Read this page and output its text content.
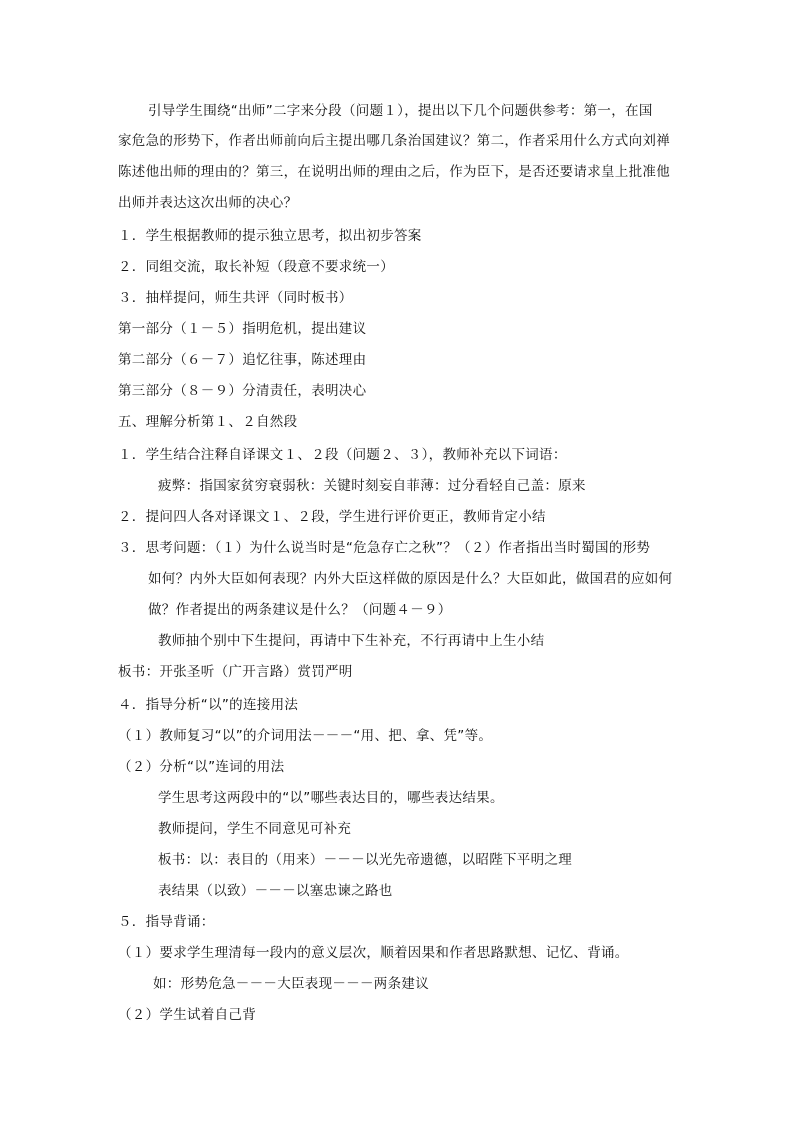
引导学生围绕“出师”二字来分段（问题１），提出以下几个问题供参考：第一，在国
家危急的形势下，作者出师前向后主提出哪几条治国建议？第二，作者采用什么方式向刘禅
陈述他出师的理由的？第三，在说明出师的理由之后，作为臣下，是否还要请求皇上批准他
出师并表达这次出师的决心？
１．学生根据教师的提示独立思考，拟出初步答案
２．同组交流，取长补短（段意不要求统一）
３．抽样提问，师生共评（同时板书）
第一部分（１－５）指明危机，提出建议
第二部分（６－７）追忆往事，陈述理由
第三部分（８－９）分清责任，表明决心
五、理解分析第１、２自然段
１．学生结合注释自译课文１、２段（问题２、３），教师补充以下词语：
疲弊：指国家贫穷衰弱秋：关键时刻妄自菲薄：过分看轻自己盖：原来
２．提问四人各对译课文１、２段，学生进行评价更正，教师肯定小结
３．思考问题：（１）为什么说当时是“危急存亡之秋”？（２）作者指出当时蜀国的形势
如何？内外大臣如何表现？内外大臣这样做的原因是什么？大臣如此，做国君的应如何
做？作者提出的两条建议是什么？（问题４－９）
教师抽个别中下生提问，再请中下生补充，不行再请中上生小结
板书：开张圣听（广开言路）赏罚严明
４．指导分析“以”的连接用法
（１）教师复习“以”的介词用法－－－“用、把、拿、凭”等。
（２）分析“以”连词的用法
学生思考这两段中的“以”哪些表达目的，哪些表达结果。
教师提问，学生不同意见可补充
板书：以：表目的（用来）－－－以光先帝遗德，以昭陛下平明之理
表结果（以致）－－－以塞忠谏之路也
５．指导背诵：
（１）要求学生理清每一段内的意义层次，顺着因果和作者思路默想、记忆、背诵。
如：形势危急－－－大臣表现－－－两条建议
（２）学生试着自己背
